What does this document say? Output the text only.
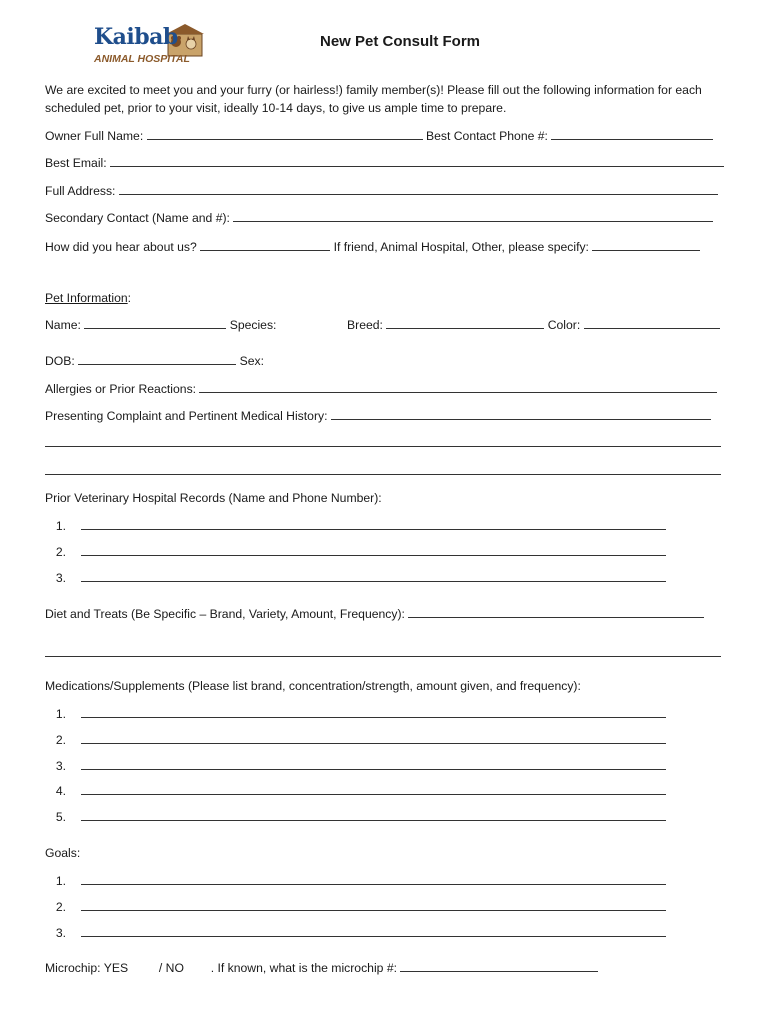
Kaibab
ANIMAL HOSPITAL
New Pet Consult Form
We are excited to meet you and your furry (or hairless!) family member(s)! Please fill out the following information for each scheduled pet, prior to your visit, ideally 10-14 days, to give us ample time to prepare.
Owner Full Name:	Best Contact Phone #:
Best Email:
Full Address:
Secondary Contact (Name and #):
How did you hear about us?	If friend, Animal Hospital, Other, please specify:
Pet Information:
Name:	Species:	Breed:	Color:
DOB:	Sex:
Allergies or Prior Reactions:
Presenting Complaint and Pertinent Medical History:
Prior Veterinary Hospital Records (Name and Phone Number):
1.
2.
3.
Diet and Treats (Be Specific – Brand, Variety, Amount, Frequency):
Medications/Supplements (Please list brand, concentration/strength, amount given, and frequency):
1.
2.
3.
4.
5.
Goals:
1.
2.
3.
Microchip: YES	/ NO . If known, what is the microchip #:
